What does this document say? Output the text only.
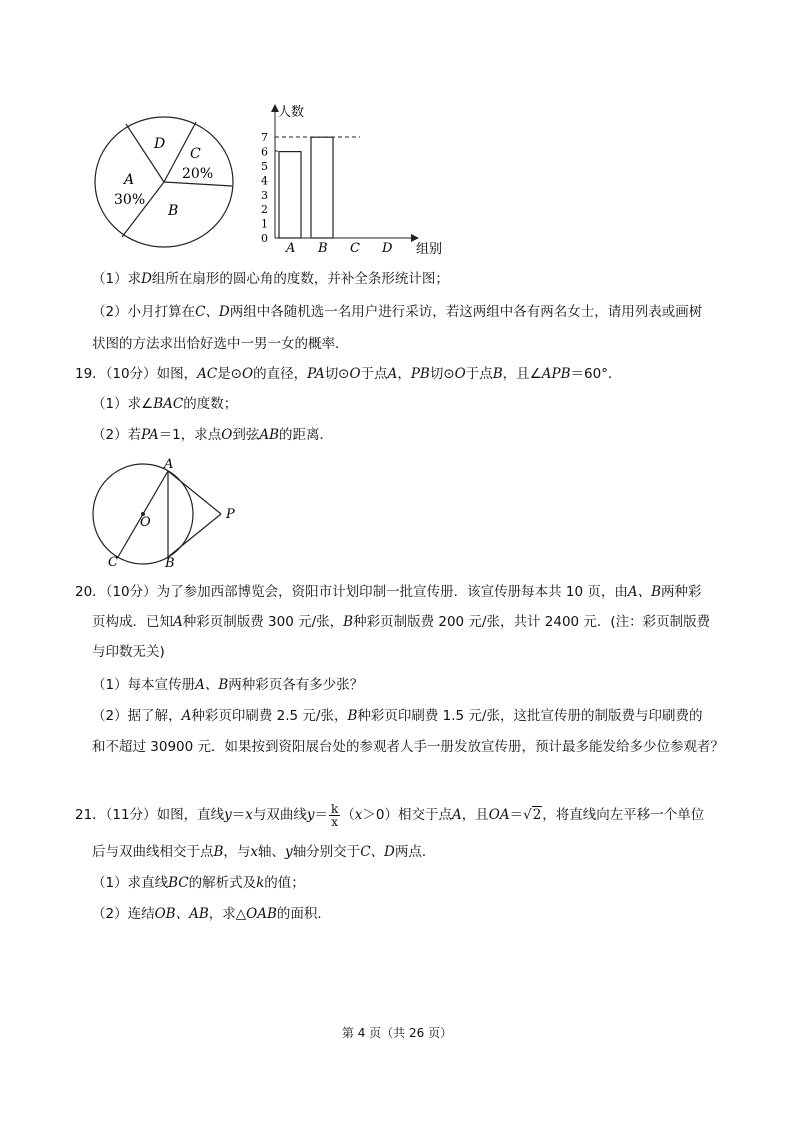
D
C
20%
A
30%
B
人数
组别
0
1
2
3
4
5
6
7
A B C D
（1）求D组所在扇形的圆心角的度数，并补全条形统计图；
（2）小月打算在C、D两组中各随机选一名用户进行采访，若这两组中各有两名女士，请用列表或画树
状图的方法求出恰好选中一男一女的概率．
19．（10分）如图，AC是⊙O的直径，PA切⊙O于点A，PB切⊙O于点B，且∠APB＝60°．
（1）求∠BAC的度数；
（2）若PA＝1，求点O到弦AB的距离．
A
O
P
C	B
20．（10分）为了参加西部博览会，资阳市计划印制一批宣传册．该宣传册每本共 10 页，由A、B两种彩
页构成．已知A种彩页制版费 300 元/张，B种彩页制版费 200 元/张，共计 2400 元．(注：彩页制版费
与印数无关)
（1）每本宣传册A、B两种彩页各有多少张？
（2）据了解，A种彩页印刷费 2.5 元/张，B种彩页印刷费 1.5 元/张，这批宣传册的制版费与印刷费的
和不超过 30900 元．如果按到资阳展台处的参观者人手一册发放宣传册，预计最多能发给多少位参观者？
21．（11分）如图，直线y＝x与双曲线$y= \frac{k}{x} (x>0)$相交于点A，且OA＝√2，将直线向左平移一个单位
后与双曲线相交于点B，与x轴、y轴分别交于C、D两点．
（1）求直线BC的解析式及k的值；
（2）连结OB、AB，求△OAB的面积．
第 4 页（共 26 页）
